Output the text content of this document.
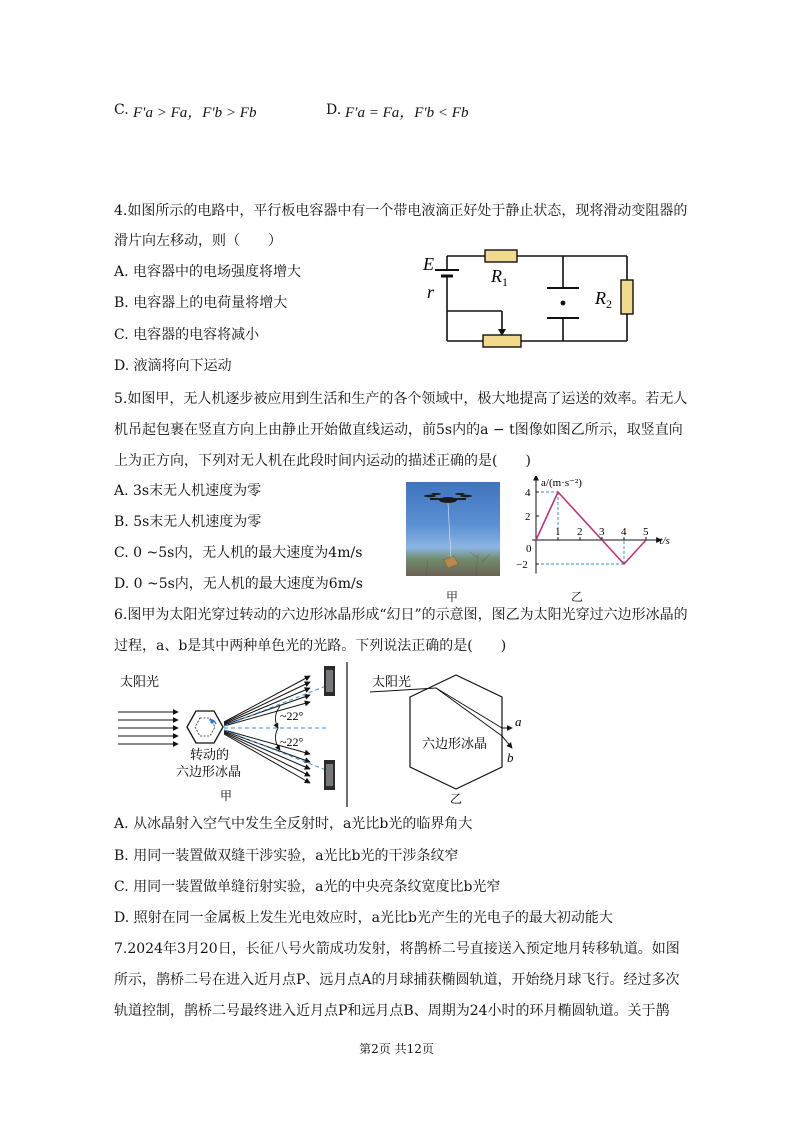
C. F′a > Fa，F′b > Fb	D. F′a = Fa，F′b < Fb
4.如图所示的电路中，平行板电容器中有一个带电液滴正好处于静止状态，现将滑动变阻器的
滑片向左移动，则（　　）
A. 电容器中的电场强度将增大
B. 电容器上的电荷量将增大
C. 电容器的电容将减小
D. 液滴将向下运动
E
r
$R_1$
$R_2$
5.如图甲，无人机逐步被应用到生活和生产的各个领域中，极大地提高了运送的效率。若无人
机吊起包裹在竖直方向上由静止开始做直线运动，前5s内的a − t图像如图乙所示，取竖直向
上为正方向，下列对无人机在此段时间内运动的描述正确的是(　　)
A. 3s末无人机速度为零
B. 5s末无人机速度为零
C. 0 ~5s内，无人机的最大速度为4m/s
D. 0 ~5s内，无人机的最大速度为6m/s
甲
1 2 3 4 5
4
2
−2
0
t/s
a/(m·s⁻²)
乙
6.图甲为太阳光穿过转动的六边形冰晶形成“幻日”的示意图，图乙为太阳光穿过六边形冰晶的
过程，a、b是其中两种单色光的光路。下列说法正确的是(　　)
太阳光
~22°
~22°
转动的
六边形冰晶
甲
太阳光
a
b
六边形冰晶
乙
A. 从冰晶射入空气中发生全反射时，a光比b光的临界角大
B. 用同一装置做双缝干涉实验，a光比b光的干涉条纹窄
C. 用同一装置做单缝衍射实验，a光的中央亮条纹宽度比b光窄
D. 照射在同一金属板上发生光电效应时，a光比b光产生的光电子的最大初动能大
7.2024年3月20日，长征八号火箭成功发射，将鹊桥二号直接送入预定地月转移轨道。如图
所示，鹊桥二号在进入近月点P、远月点A的月球捕获椭圆轨道，开始绕月球飞行。经过多次
轨道控制，鹊桥二号最终进入近月点P和远月点B、周期为24小时的环月椭圆轨道。关于鹊
第2页 共12页
